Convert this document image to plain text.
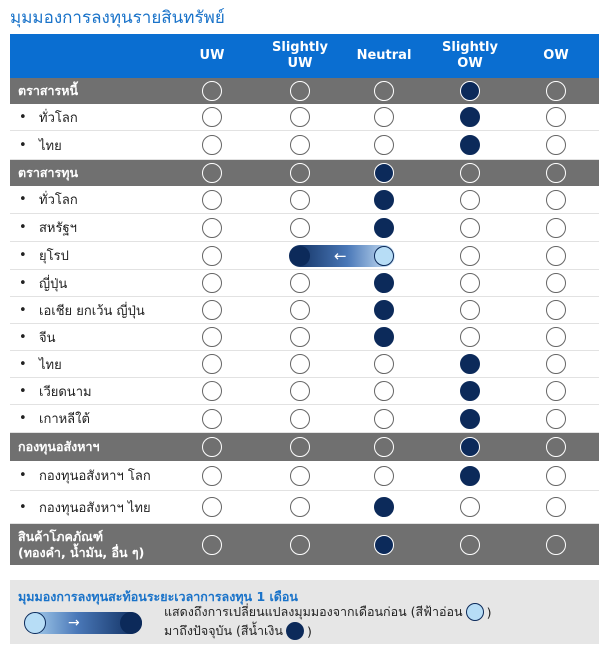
มุมมองการลงทุนรายสินทรัพย์
UW
Slightly
UW
Neutral
Slightly
OW
OW
ตราสารหนี้
• ทั่วโลก
• ไทย
ตราสารทุน
• ทั่วโลก
• สหรัฐฯ
• ยุโรป	←
• ญี่ปุ่น
• เอเชีย ยกเว้น ญี่ปุ่น
• จีน
• ไทย
• เวียดนาม
• เกาหลีใต้
กองทุนอสังหาฯ
• กองทุนอสังหาฯ โลก
• กองทุนอสังหาฯ ไทย
สินค้าโภคภัณฑ์
(ทองคำ, น้ำมัน, อื่น ๆ)
มุมมองการลงทุนสะท้อนระยะเวลาการลงทุน 1 เดือน
→
แสดงถึงการเปลี่ยนแปลงมุมมองจากเดือนก่อน (สีฟ้าอ่อน )
มาถึงปัจจุบัน (สีน้ำเงิน )
